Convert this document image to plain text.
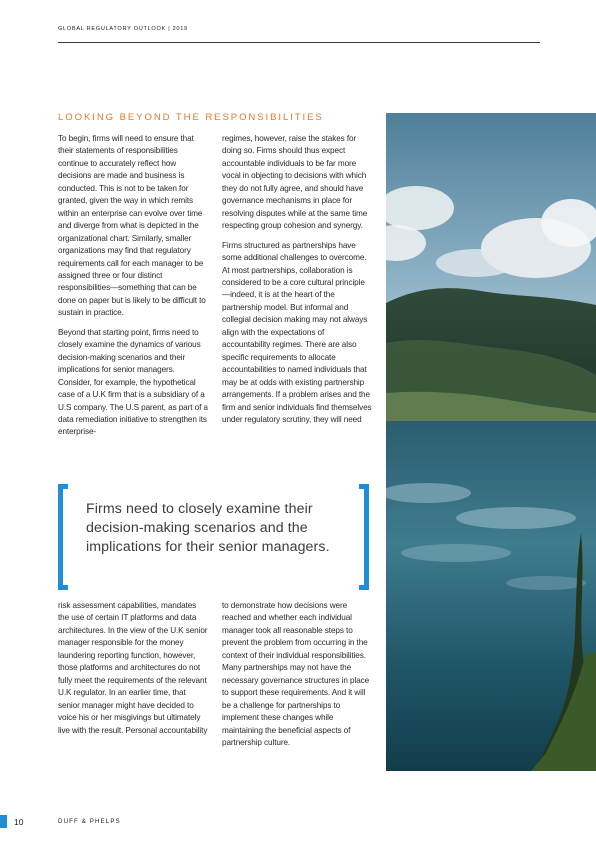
GLOBAL REGULATORY OUTLOOK | 2019
LOOKING BEYOND THE RESPONSIBILITIES

To begin, firms will need to ensure that their statements of responsibilities continue to accurately reflect how decisions are made and business is conducted. This is not to be taken for granted, given the way in which remits within an enterprise can evolve over time and diverge from what is depicted in the organizational chart. Similarly, smaller organizations may find that regulatory requirements call for each manager to be assigned three or four distinct responsibilities—something that can be done on paper but is likely to be difficult to sustain in practice.

Beyond that starting point, firms need to closely examine the dynamics of various decision-making scenarios and their implications for senior managers. Consider, for example, the hypothetical case of a U.K firm that is a subsidiary of a U.S company. The U.S parent, as part of a data remediation initiative to strengthen its enterprise-

regimes, however, raise the stakes for doing so. Firms should thus expect accountable individuals to be far more vocal in objecting to decisions with which they do not fully agree, and should have governance mechanisms in place for resolving disputes while at the same time respecting group cohesion and synergy.

Firms structured as partnerships have some additional challenges to overcome. At most partnerships, collaboration is considered to be a core cultural principle—indeed, it is at the heart of the partnership model. But informal and collegial decision making may not always align with the expectations of accountability regimes. There are also specific requirements to allocate accountabilities to named individuals that may be at odds with existing partnership arrangements. If a problem arises and the firm and senior individuals find themselves under regulatory scrutiny, they will need

Firms need to closely examine their decision-making scenarios and the implications for their senior managers.

risk assessment capabilities, mandates the use of certain IT platforms and data architectures. In the view of the U.K senior manager responsible for the money laundering reporting function, however, those platforms and architectures do not fully meet the requirements of the relevant U.K regulator. In an earlier time, that senior manager might have decided to voice his or her misgivings but ultimately live with the result. Personal accountability

to demonstrate how decisions were reached and whether each individual manager took all reasonable steps to prevent the problem from occurring in the context of their individual responsibilities. Many partnerships may not have the necessary governance structures in place to support these requirements. And it will be a challenge for partnerships to implement these changes while maintaining the beneficial aspects of partnership culture.

10	DUFF & PHELPS
